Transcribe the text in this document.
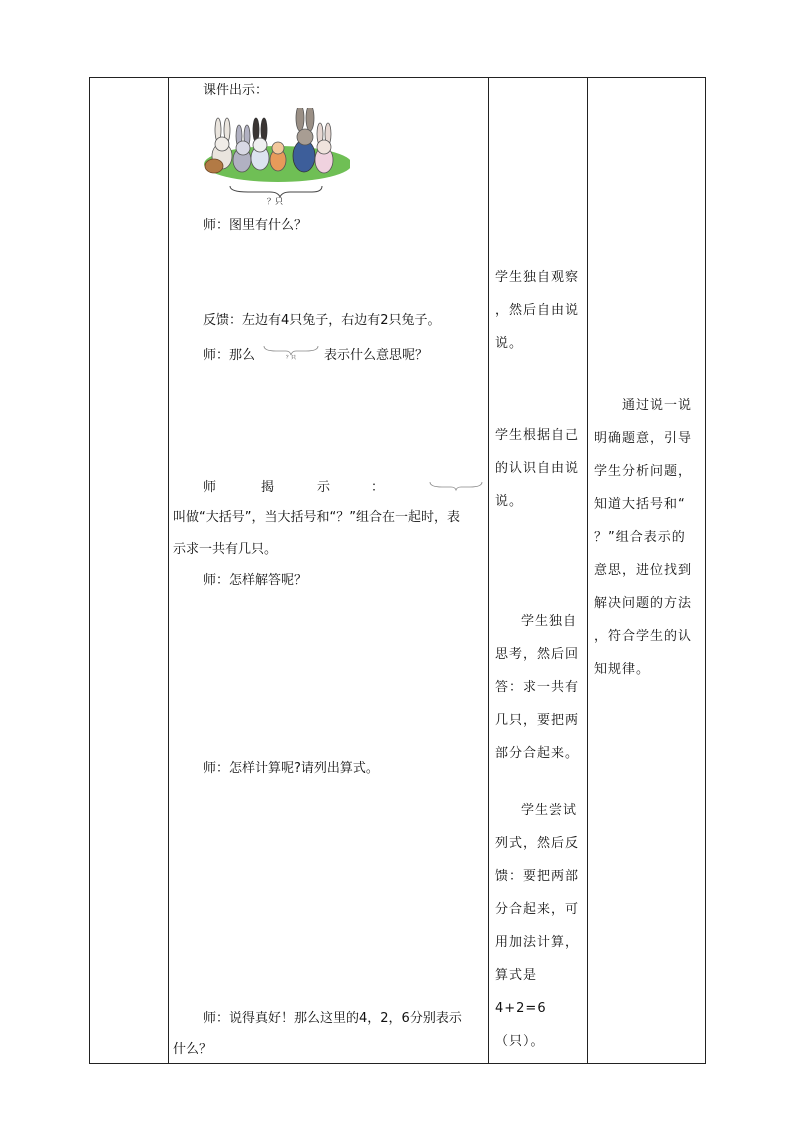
课件出示：
？只
师：图里有什么？
反馈：左边有4只兔子，右边有2只兔子。
师：那么	？只 表示什么意思呢？
师	揭	示	：
叫做“大括号”，当大括号和“？”组合在一起时，表
示求一共有几只。
师：怎样解答呢？
师：怎样计算呢?请列出算式。
师：说得真好！那么这里的4，2，6分别表示
什么？
学生独自观察
，然后自由说
说。
学生根据自己
的认识自由说
说。
学生独自
思考，然后回
答：求一共有
几只，要把两
部分合起来。
学生尝试
列式，然后反
馈：要把两部
分合起来，可
用加法计算，
算式是4+2=6
（只）。
通过说一说
明确题意，引导
学生分析问题，
知道大括号和“
？”组合表示的
意思，进位找到
解决问题的方法
，符合学生的认
知规律。
